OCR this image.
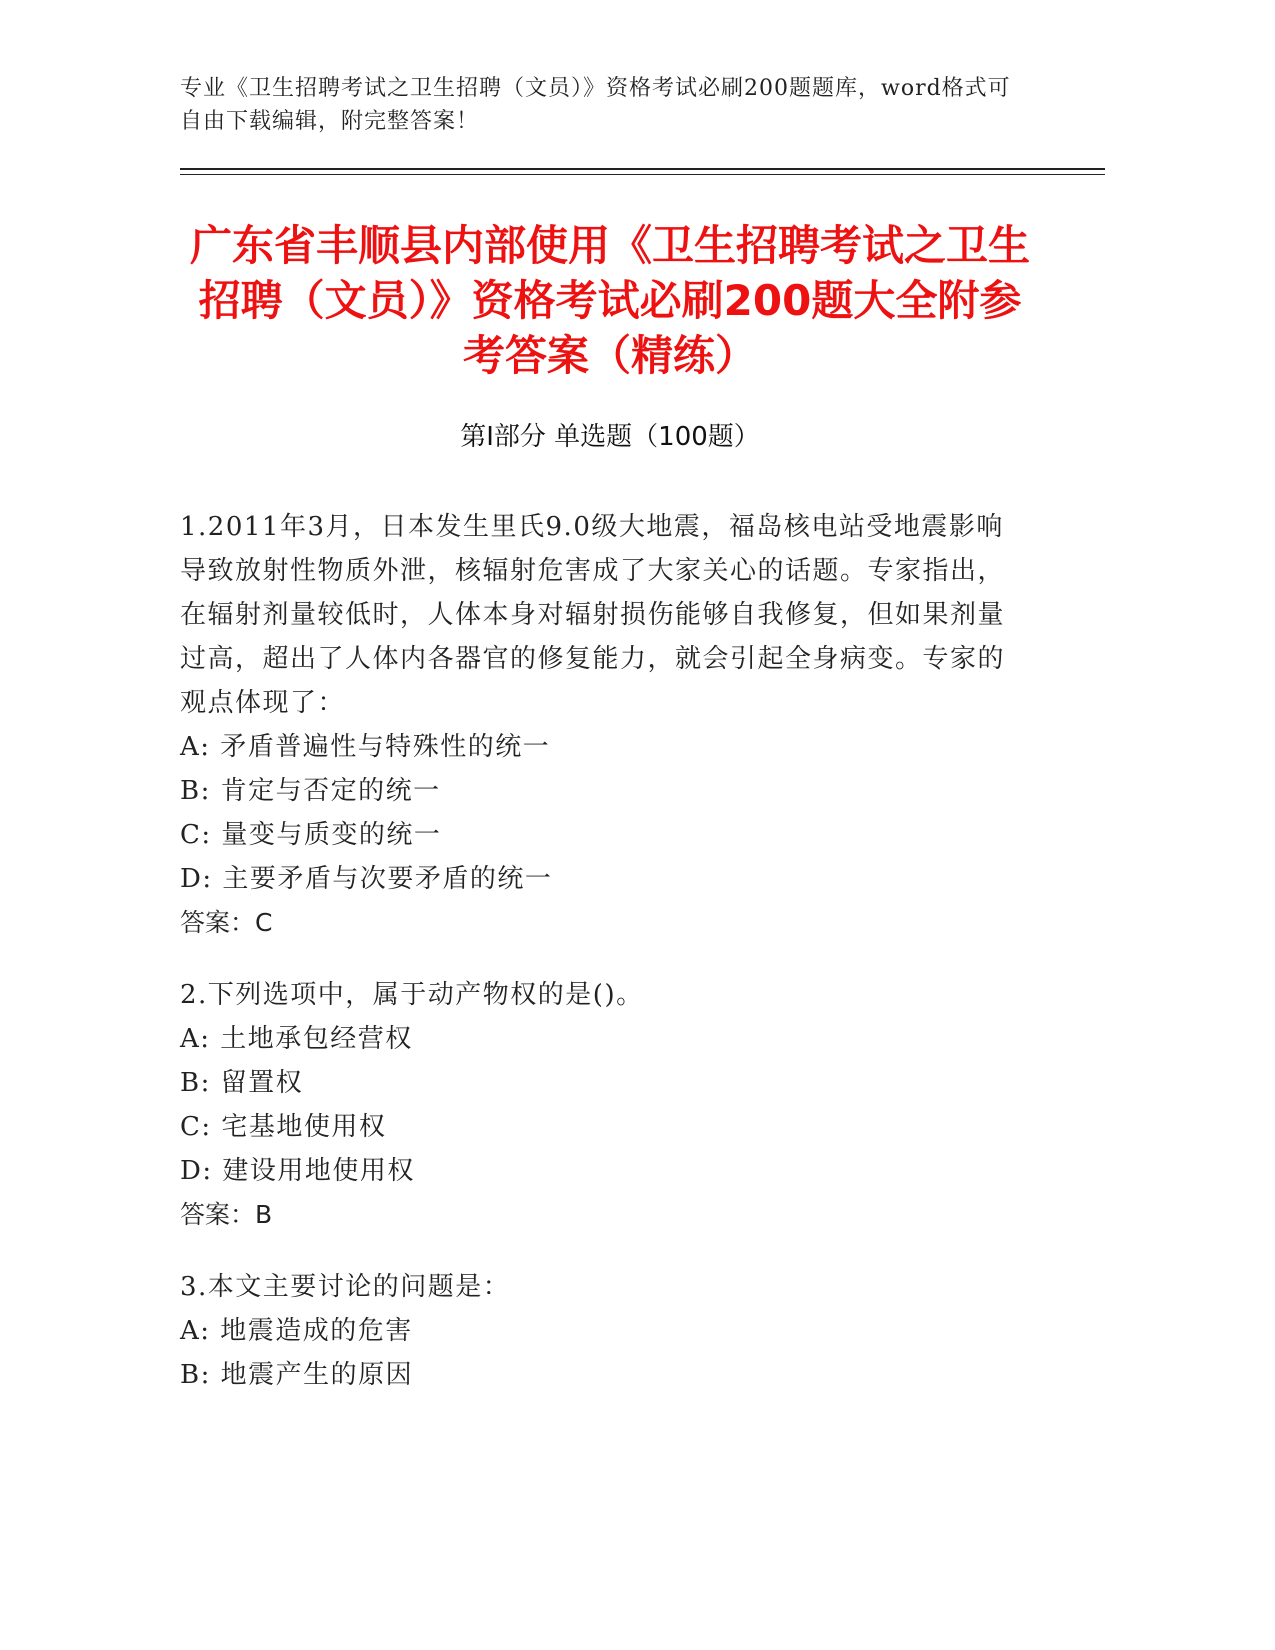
专业《卫生招聘考试之卫生招聘（文员）》资格考试必刷200题题库，word格式可自由下载编辑，附完整答案！
广东省丰顺县内部使用《卫生招聘考试之卫生招聘（文员）》资格考试必刷200题大全附参考答案（精练）
第Ⅰ部分 单选题（100题）
1.2011年3月，日本发生里氏9.0级大地震，福岛核电站受地震影响导致放射性物质外泄，核辐射危害成了大家关心的话题。专家指出，在辐射剂量较低时，人体本身对辐射损伤能够自我修复，但如果剂量过高，超出了人体内各器官的修复能力，就会引起全身病变。专家的观点体现了：
A: 矛盾普遍性与特殊性的统一
B: 肯定与否定的统一
C: 量变与质变的统一
D: 主要矛盾与次要矛盾的统一
答案：C
2.下列选项中，属于动产物权的是()。
A: 土地承包经营权
B: 留置权
C: 宅基地使用权
D: 建设用地使用权
答案：B
3.本文主要讨论的问题是：
A: 地震造成的危害
B: 地震产生的原因
